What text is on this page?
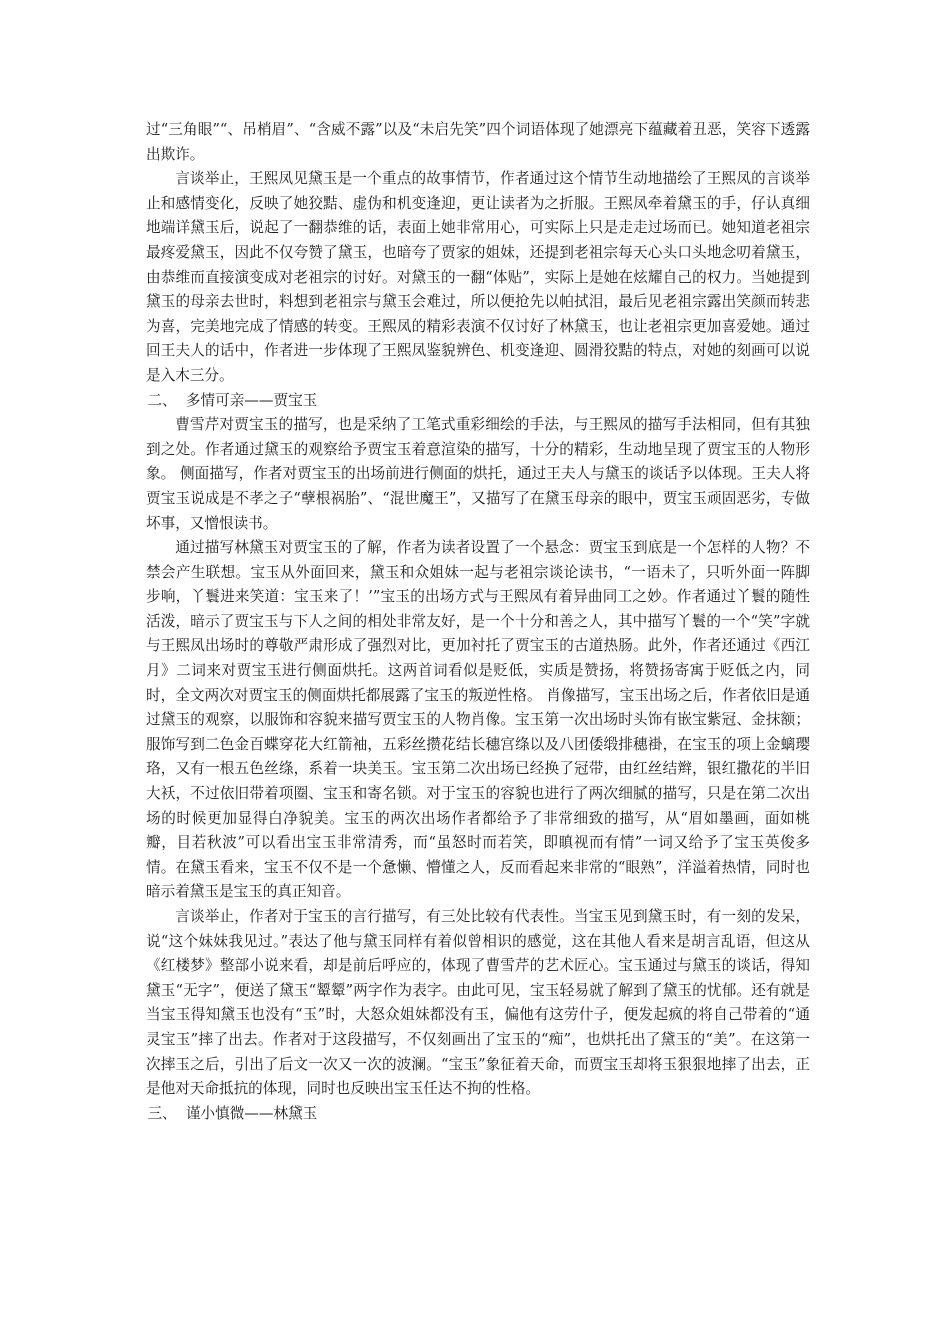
过“三角眼”“、吊梢眉”、“含威不露”以及“未启先笑”四个词语体现了她漂亮下蕴藏着丑恶，笑容下透露出欺诈。

言谈举止，王熙凤见黛玉是一个重点的故事情节，作者通过这个情节生动地描绘了王熙凤的言谈举止和感情变化，反映了她狡黠、虚伪和机变逢迎，更让读者为之折服。王熙凤牵着黛玉的手，仔认真细地端详黛玉后，说起了一翻恭维的话，表面上她非常用心，可实际上只是走走过场而已。她知道老祖宗最疼爱黛玉，因此不仅夸赞了黛玉，也暗夸了贾家的姐妹，还提到老祖宗每天心头口头地念叨着黛玉，由恭维而直接演变成对老祖宗的讨好。对黛玉的一翻“体贴”，实际上是她在炫耀自己的权力。当她提到黛玉的母亲去世时，料想到老祖宗与黛玉会难过，所以便抢先以帕拭泪，最后见老祖宗露出笑颜而转悲为喜，完美地完成了情感的转变。王熙凤的精彩表演不仅讨好了林黛玉，也让老祖宗更加喜爱她。通过回王夫人的话中，作者进一步体现了王熙凤鉴貌辨色、机变逢迎、圆滑狡黠的特点，对她的刻画可以说是入木三分。

二、  多情可亲——贾宝玉

曹雪芹对贾宝玉的描写，也是采纳了工笔式重彩细绘的手法，与王熙凤的描写手法相同，但有其独到之处。作者通过黛玉的观察给予贾宝玉着意渲染的描写，十分的精彩，生动地呈现了贾宝玉的人物形象。 侧面描写，作者对贾宝玉的出场前进行侧面的烘托，通过王夫人与黛玉的谈话予以体现。王夫人将贾宝玉说成是不孝之子“孽根祸胎”、“混世魔王”，又描写了在黛玉母亲的眼中，贾宝玉顽固恶劣，专做坏事，又憎恨读书。

通过描写林黛玉对贾宝玉的了解，作者为读者设置了一个悬念：贾宝玉到底是一个怎样的人物？不禁会产生联想。宝玉从外面回来，黛玉和众姐妹一起与老祖宗谈论读书，“一语未了，只听外面一阵脚步响，丫鬟进来笑道：宝玉来了！’”宝玉的出场方式与王熙凤有着异曲同工之妙。作者通过丫鬟的随性活泼，暗示了贾宝玉与下人之间的相处非常友好，是一个十分和善之人，其中描写丫鬟的一个“笑”字就与王熙凤出场时的尊敬严肃形成了强烈对比，更加衬托了贾宝玉的古道热肠。此外，作者还通过《西江月》二词来对贾宝玉进行侧面烘托。这两首词看似是贬低，实质是赞扬，将赞扬寄寓于贬低之内，同时，全文两次对贾宝玉的侧面烘托都展露了宝玉的叛逆性格。 肖像描写，宝玉出场之后，作者依旧是通过黛玉的观察，以服饰和容貌来描写贾宝玉的人物肖像。宝玉第一次出场时头饰有嵌宝紫冠、金抹额；服饰写到二色金百蝶穿花大红箭袖，五彩丝攒花结长穗宫绦以及八团倭缎排穗褂，在宝玉的项上金螭璎珞，又有一根五色丝绦，系着一块美玉。宝玉第二次出场已经换了冠带，由红丝结辫，银红撒花的半旧大袄，不过依旧带着项圈、宝玉和寄名锁。对于宝玉的容貌也进行了两次细腻的描写，只是在第二次出场的时候更加显得白净貌美。宝玉的两次出场作者都给予了非常细致的描写，从“眉如墨画，面如桃瓣，目若秋波”可以看出宝玉非常清秀，而“虽怒时而若笑，即瞋视而有情”一词又给予了宝玉英俊多情。在黛玉看来，宝玉不仅不是一个惫懒、懵懂之人，反而看起来非常的“眼熟”，洋溢着热情，同时也暗示着黛玉是宝玉的真正知音。

言谈举止，作者对于宝玉的言行描写，有三处比较有代表性。当宝玉见到黛玉时，有一刻的发呆，说“这个妹妹我见过。”表达了他与黛玉同样有着似曾相识的感觉，这在其他人看来是胡言乱语，但这从《红楼梦》整部小说来看，却是前后呼应的，体现了曹雪芹的艺术匠心。宝玉通过与黛玉的谈话，得知黛玉“无字”，便送了黛玉“颦颦”两字作为表字。由此可见，宝玉轻易就了解到了黛玉的忧郁。还有就是当宝玉得知黛玉也没有“玉”时，大怒众姐妹都没有玉，偏他有这劳什子，便发起疯的将自己带着的“通灵宝玉”摔了出去。作者对于这段描写，不仅刻画出了宝玉的“痴”，也烘托出了黛玉的“美”。在这第一次摔玉之后，引出了后文一次又一次的波澜。“宝玉”象征着天命，而贾宝玉却将玉狠狠地摔了出去，正是他对天命抵抗的体现，同时也反映出宝玉任达不拘的性格。

三、  谨小慎微——林黛玉
